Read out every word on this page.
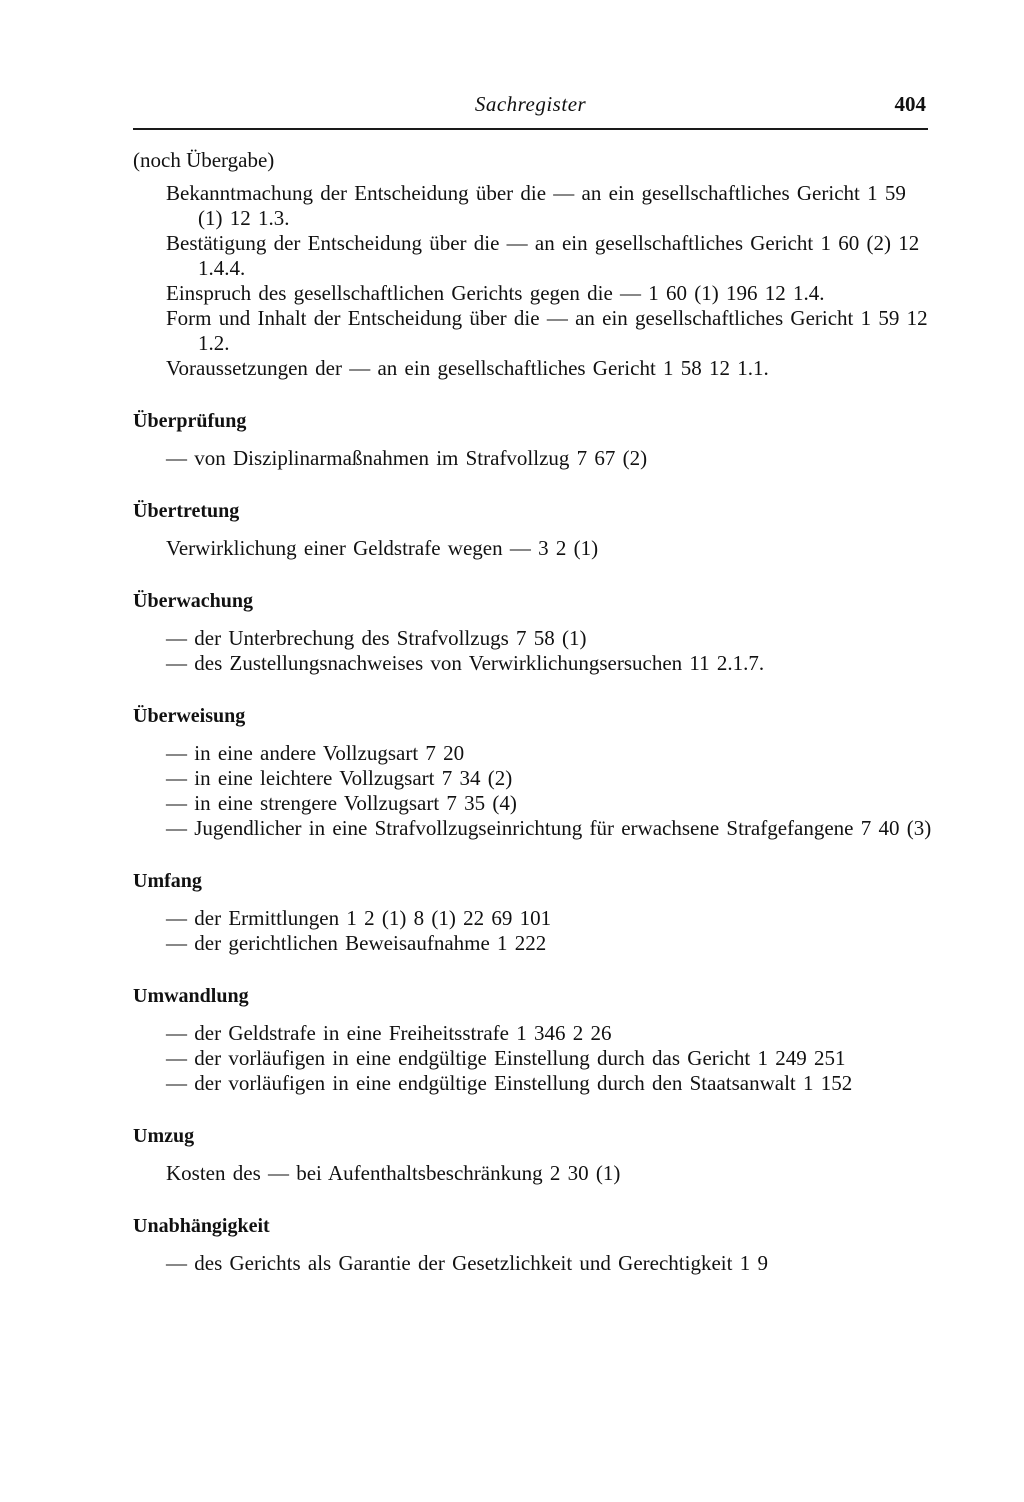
Sachregister	404
(noch Übergabe)
Bekanntmachung der Entscheidung über die — an ein gesellschaftliches Gericht 1 59 (1) 12 1.3.
Bestätigung der Entscheidung über die — an ein gesellschaftliches Gericht 1 60 (2) 12 1.4.4.
Einspruch des gesellschaftlichen Gerichts gegen die — 1 60 (1) 196 12 1.4.
Form und Inhalt der Entscheidung über die — an ein gesellschaftliches Gericht 1 59 12 1.2.
Voraussetzungen der — an ein gesellschaftliches Gericht 1 58 12 1.1.
Überprüfung
— von Disziplinarmaßnahmen im Strafvollzug 7 67 (2)
Übertretung
Verwirklichung einer Geldstrafe wegen — 3 2 (1)
Überwachung
— der Unterbrechung des Strafvollzugs 7 58 (1)
— des Zustellungsnachweises von Verwirklichungsersuchen 11 2.1.7.
Überweisung
— in eine andere Vollzugsart 7 20
— in eine leichtere Vollzugsart 7 34 (2)
— in eine strengere Vollzugsart 7 35 (4)
— Jugendlicher in eine Strafvollzugseinrichtung für erwachsene Strafgefangene 7 40 (3)
Umfang
— der Ermittlungen 1 2 (1) 8 (1) 22 69 101
— der gerichtlichen Beweisaufnahme 1 222
Umwandlung
— der Geldstrafe in eine Freiheitsstrafe 1 346 2 26
— der vorläufigen in eine endgültige Einstellung durch das Gericht 1 249 251
— der vorläufigen in eine endgültige Einstellung durch den Staatsanwalt 1 152
Umzug
Kosten des — bei Aufenthaltsbeschränkung 2 30 (1)
Unabhängigkeit
— des Gerichts als Garantie der Gesetzlichkeit und Gerechtigkeit 1 9
